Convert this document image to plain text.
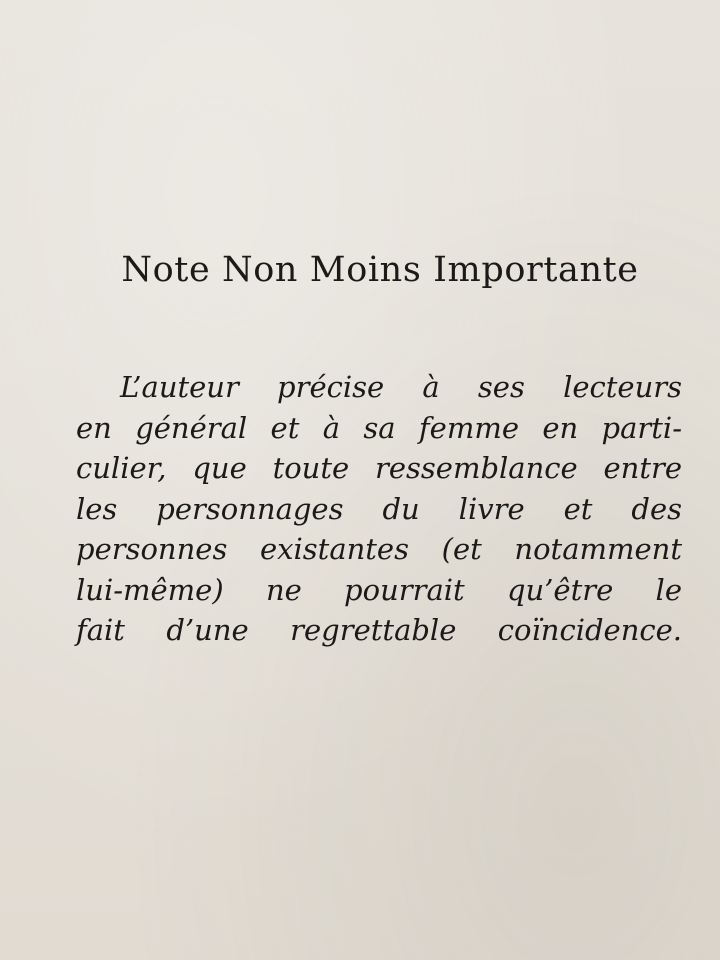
Note Non Moins Importante
L’auteur précise à ses lecteurs
en général et à sa femme en parti-
culier, que toute ressemblance entre
les personnages du livre et des
personnes existantes (et notamment
lui-même) ne pourrait qu’être le
fait d’une regrettable coïncidence.
